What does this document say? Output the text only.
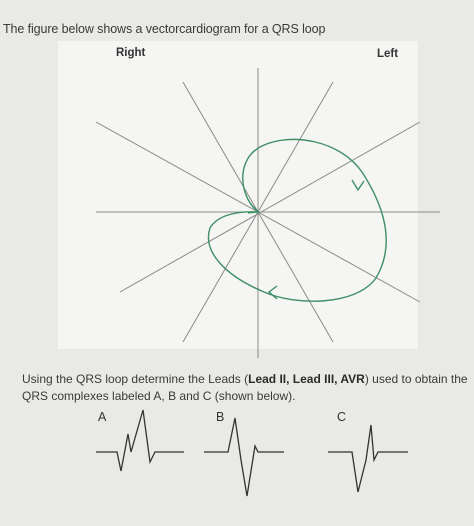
The figure below shows a vectorcardiogram for a QRS loop
Right	Left
Using the QRS loop determine the Leads (Lead II, Lead III, AVR) used to obtain the QRS complexes labeled A, B and C (shown below).
A	B	C
